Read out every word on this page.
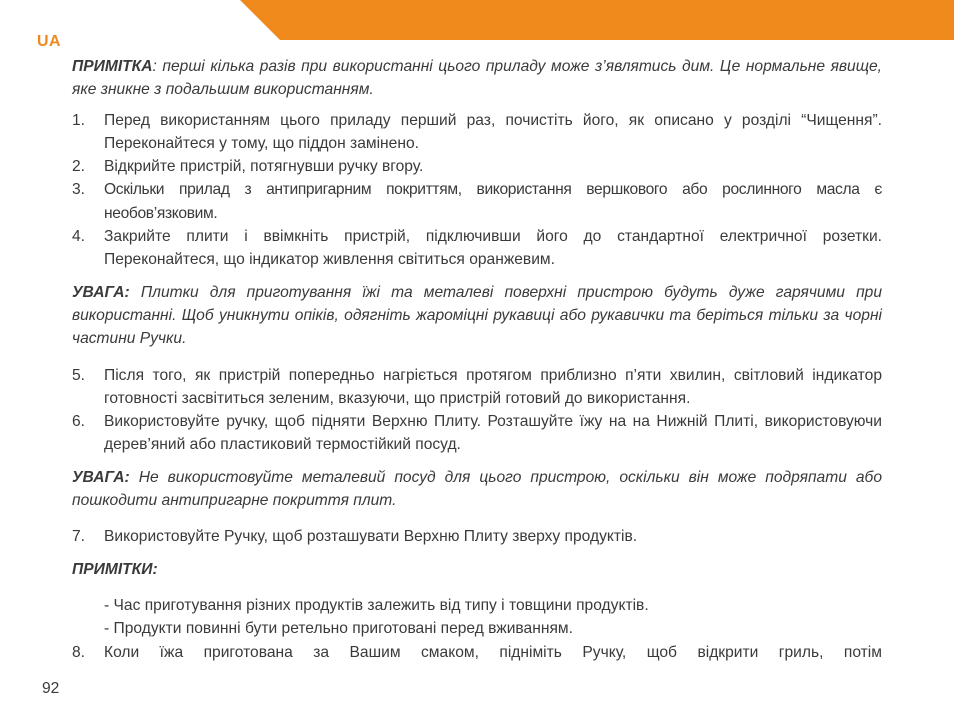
UA
ПРИМІТКА: перші кілька разів при використанні цього приладу може з’являтись дим. Це нормальне явище, яке зникне з подальшим використанням.
1.	Перед використанням цього приладу перший раз, почистіть його, як описано у розділі “Чищення”. Переконайтеся у тому, що піддон замінено.
2.	Відкрийте пристрій, потягнувши ручку вгору.
3.	Оскільки прилад з антипригарним покриттям, використання вершкового або рослинного масла є необов’язковим.
4.	Закрийте плити і ввімкніть пристрій, підключивши його до стандартної електричної розетки. Переконайтеся, що індикатор живлення світиться оранжевим.
УВАГА: Плитки для приготування їжі та металеві поверхні пристрою будуть дуже гарячими при використанні. Щоб уникнути опіків, одягніть жароміцні рукавиці або рукавички та беріться тільки за чорні частини Ручки.
5.	Після того, як пристрій попередньо нагріється протягом приблизно п’яти хвилин, світловий індикатор готовності засвітиться зеленим, вказуючи, що пристрій готовий до використання.
6.	Використовуйте ручку, щоб підняти Верхню Плиту. Розташуйте їжу на на Нижній Плиті, використовуючи дерев’яний або пластиковий термостійкий посуд.
УВАГА: Не використовуйте металевий посуд для цього пристрою, оскільки він може подряпати або пошкодити антипригарне покриття плит.
7.	Використовуйте Ручку, щоб розташувати Верхню Плиту зверху продуктів.
ПРИМІТКИ:
- Час приготування різних продуктів залежить від типу і товщини продуктів.
- Продукти повинні бути ретельно приготовані перед вживанням.
8.	Коли їжа приготована за Вашим смаком, підніміть Ручку, щоб відкрити гриль, потім
92
